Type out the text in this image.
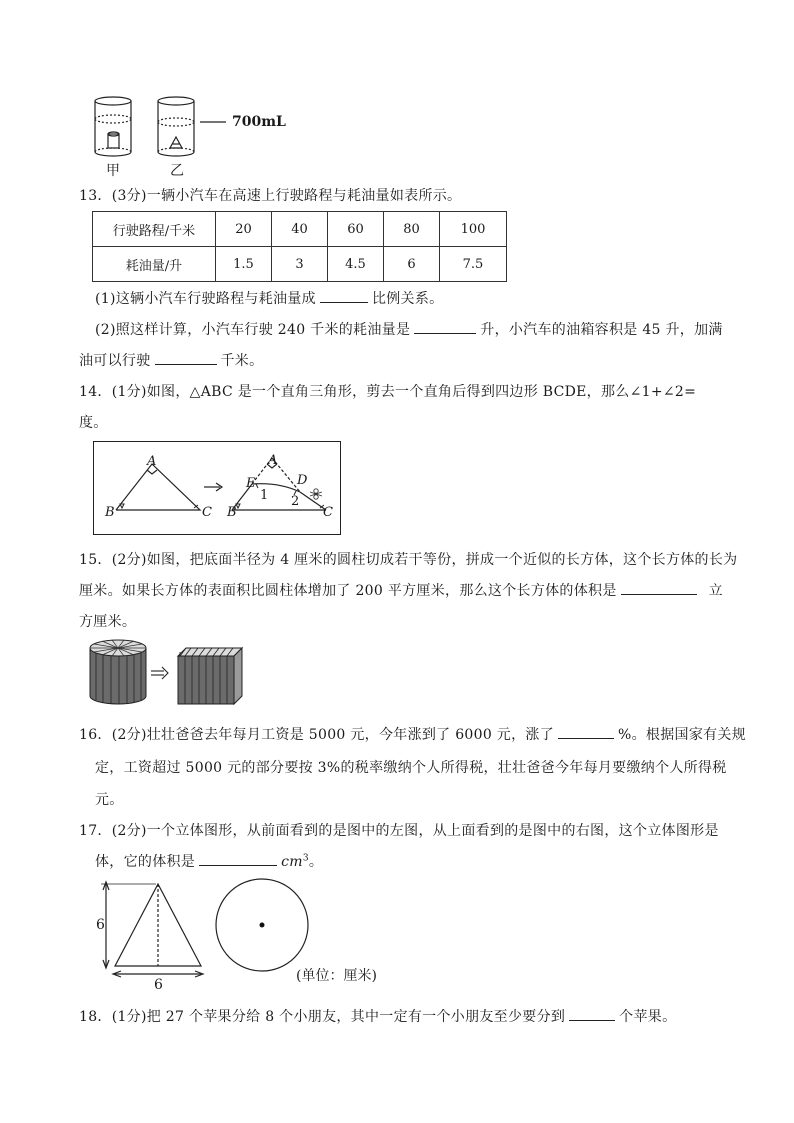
700mL
甲	乙
13．(3分)一辆小汽车在高速上行驶路程与耗油量如表所示。
行驶路程/千米	20	40	60	80	100
耗油量/升	1.5	3	4.5	6	7.5
(1)这辆小汽车行驶路程与耗油量成	比例关系。
(2)照这样计算，小汽车行驶 240 千米的耗油量是	升，小汽车的油箱容积是 45 升，加满
油可以行驶	千米。
14．(1分)如图，△ABC 是一个直角三角形，剪去一个直角后得到四边形 BCDE，那么∠1+∠2=
度。
A
B	C
A
E	D
B	C
1 2
15．(2分)如图，把底面半径为 4 厘米的圆柱切成若干等份，拼成一个近似的长方体，这个长方体的长为
厘米。如果长方体的表面积比圆柱体增加了 200 平方厘米，那么这个长方体的体积是	立
方厘米。
16．(2分)壮壮爸爸去年每月工资是 5000 元，今年涨到了 6000 元，涨了	%。根据国家有关规
定，工资超过 5000 元的部分要按 3%的税率缴纳个人所得税，壮壮爸爸今年每月要缴纳个人所得税
元。
17．(2分)一个立体图形，从前面看到的是图中的左图，从上面看到的是图中的右图，这个立体图形是
体，它的体积是	$cm^3$。
6
6
(单位：厘米)
18．(1分)把 27 个苹果分给 8 个小朋友，其中一定有一个小朋友至少要分到	个苹果。
